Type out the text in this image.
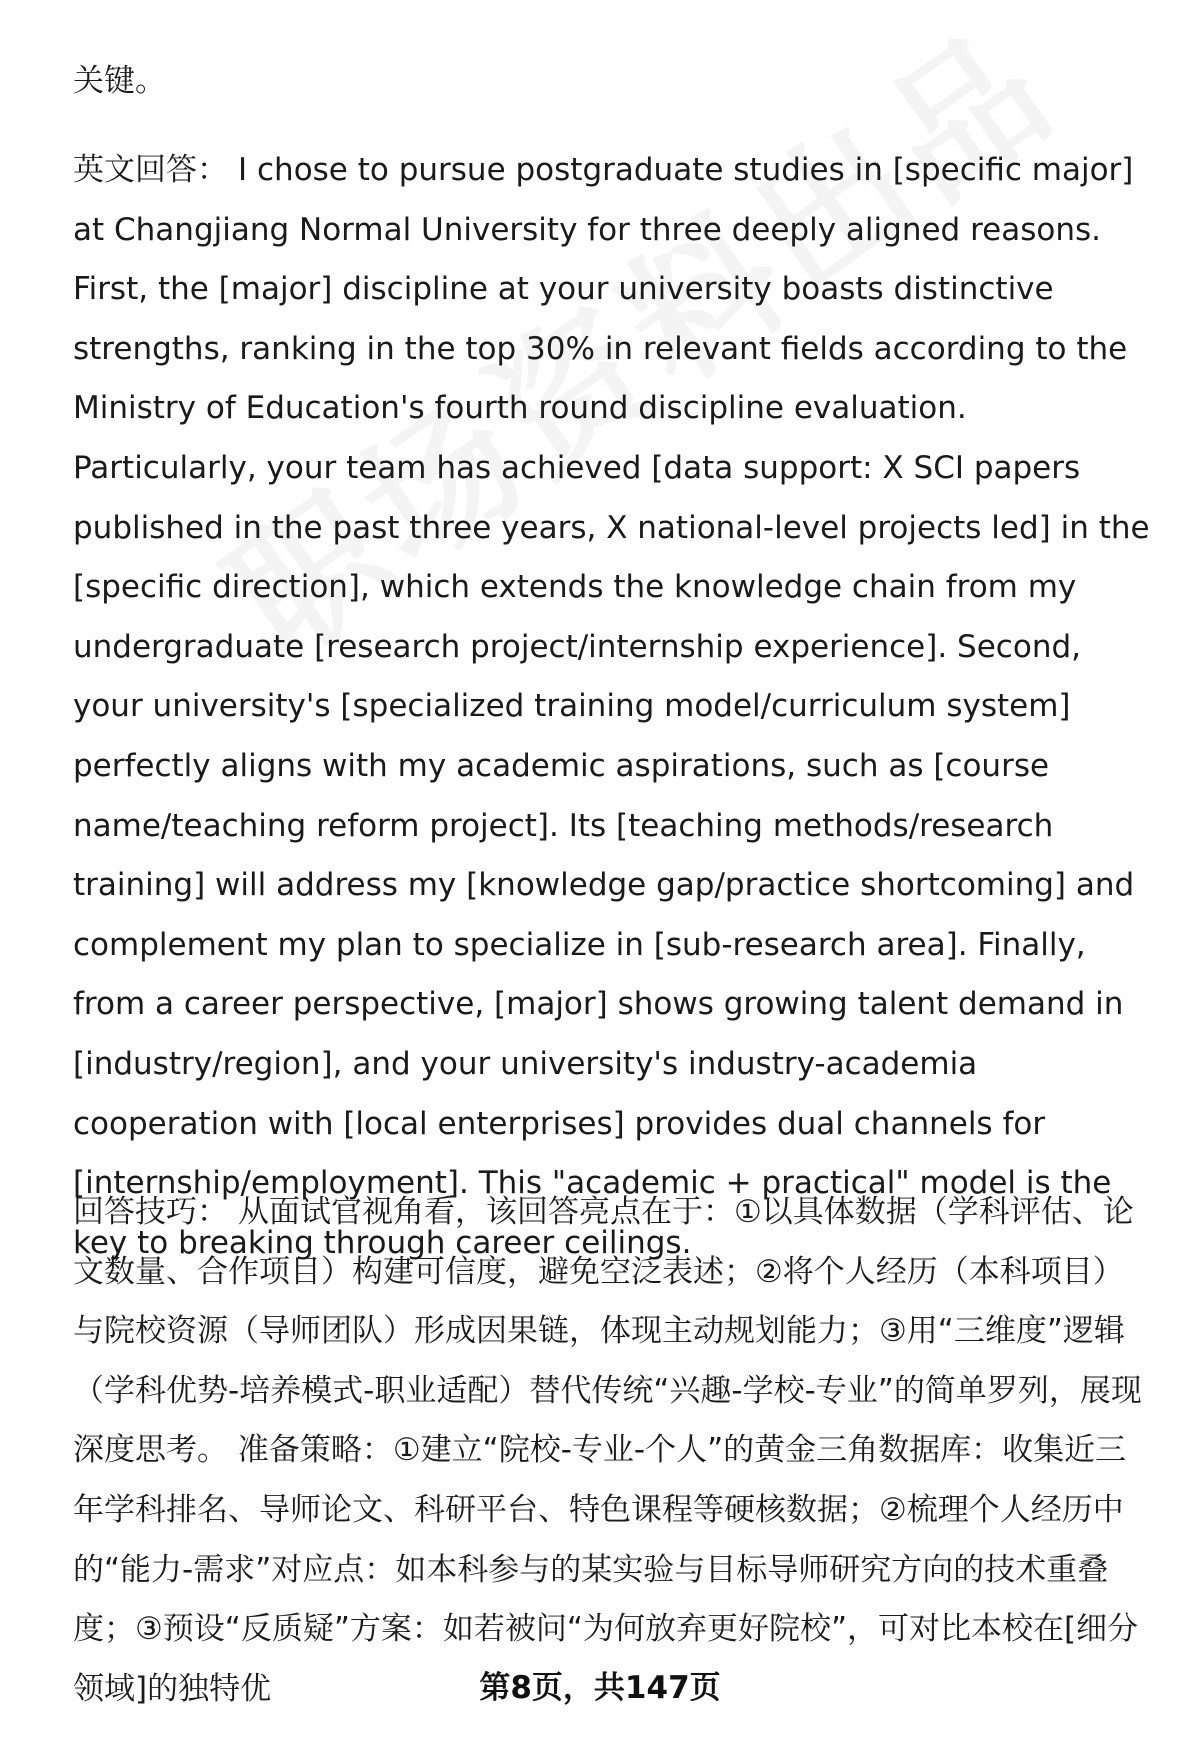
关键。

英文回答： I chose to pursue postgraduate studies in [specific major] at Changjiang Normal University for three deeply aligned reasons. First, the [major] discipline at your university boasts distinctive strengths, ranking in the top 30% in relevant fields according to the Ministry of Education's fourth round discipline evaluation. Particularly, your team has achieved [data support: X SCI papers published in the past three years, X national-level projects led] in the [specific direction], which extends the knowledge chain from my undergraduate [research project/internship experience]. Second, your university's [specialized training model/curriculum system] perfectly aligns with my academic aspirations, such as [course name/teaching reform project]. Its [teaching methods/research training] will address my [knowledge gap/practice shortcoming] and complement my plan to specialize in [sub-research area]. Finally, from a career perspective, [major] shows growing talent demand in [industry/region], and your university's industry-academia cooperation with [local enterprises] provides dual channels for [internship/employment]. This "academic + practical" model is the key to breaking through career ceilings.

回答技巧： 从面试官视角看，该回答亮点在于：①以具体数据（学科评估、论文数量、合作项目）构建可信度，避免空泛表述；②将个人经历（本科项目）与院校资源（导师团队）形成因果链，体现主动规划能力；③用“三维度”逻辑（学科优势-培养模式-职业适配）替代传统“兴趣-学校-专业”的简单罗列，展现深度思考。 准备策略：①建立“院校-专业-个人”的黄金三角数据库：收集近三年学科排名、导师论文、科研平台、特色课程等硬核数据；②梳理个人经历中的“能力-需求”对应点：如本科参与的某实验与目标导师研究方向的技术重叠度；③预设“反质疑”方案：如若被问“为何放弃更好院校”，可对比本校在[细分领域]的独特优	第8页，共147页
